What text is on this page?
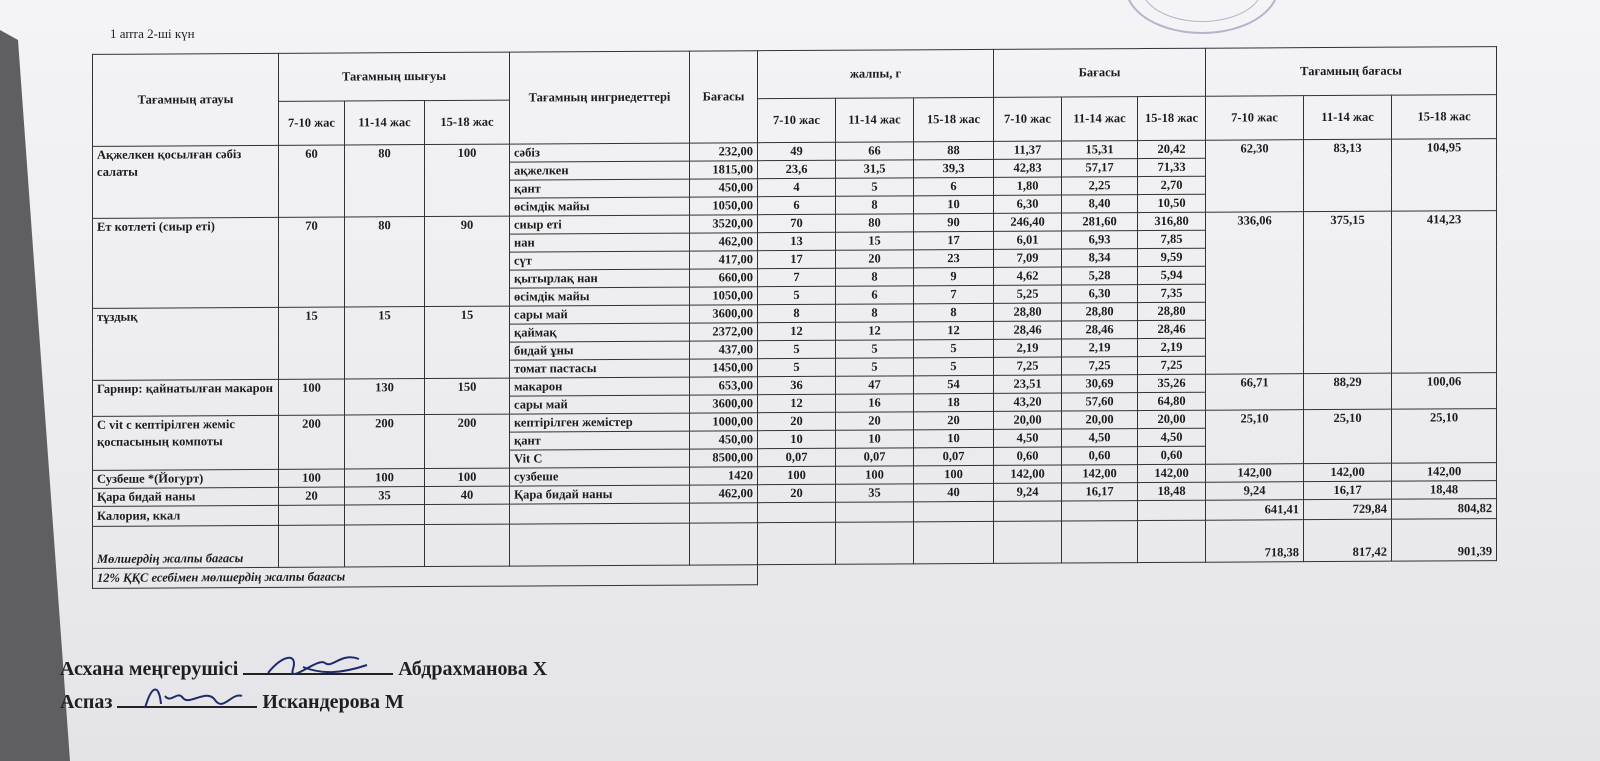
1 апта 2-ші күн
Тағамның атауы	Тағамның шығуы			Тағамның ингриедеттері	Бағасы	жалпы, г			Бағасы			Тағамның бағасы		
	7-10 жас	11-14 жас	15-18 жас			7-10 жас	11-14 жас	15-18 жас	7-10 жас	11-14 жас	15-18 жас	7-10 жас	11-14 жас	15-18 жас
Ақжелкен қосылған сәбіз салаты	60	80	100	сәбіз	232,00	49	66	88	11,37	15,31	20,42	62,30	83,13	104,95
				ақжелкен	1815,00	23,6	31,5	39,3	42,83	57,17	71,33			
				қант	450,00	4	5	6	1,80	2,25	2,70			
				өсімдік майы	1050,00	6	8	10	6,30	8,40	10,50			
Ет котлеті (сиыр еті)	70	80	90	сиыр еті	3520,00	70	80	90	246,40	281,60	316,80	336,06	375,15	414,23
				нан	462,00	13	15	17	6,01	6,93	7,85			
				сүт	417,00	17	20	23	7,09	8,34	9,59			
				қытырлақ нан	660,00	7	8	9	4,62	5,28	5,94			
				өсімдік майы	1050,00	5	6	7	5,25	6,30	7,35			
тұздық	15	15	15	сары май	3600,00	8	8	8	28,80	28,80	28,80			
				қаймақ	2372,00	12	12	12	28,46	28,46	28,46			
				бидай ұны	437,00	5	5	5	2,19	2,19	2,19			
				томат пастасы	1450,00	5	5	5	7,25	7,25	7,25			
Гарнир: қайнатылған макарон	100	130	150	макарон	653,00	36	47	54	23,51	30,69	35,26	66,71	88,29	100,06
				сары май	3600,00	12	16	18	43,20	57,60	64,80			
C vit с кептірілген жеміс қоспасының компоты	200	200	200	кептірілген жемістер	1000,00	20	20	20	20,00	20,00	20,00	25,10	25,10	25,10
				қант	450,00	10	10	10	4,50	4,50	4,50			
				Vit C	8500,00	0,07	0,07	0,07	0,60	0,60	0,60			
Сузбеше *(Йогурт)	100	100	100	сузбеше	1420	100	100	100	142,00	142,00	142,00	142,00	142,00	142,00
Қара бидай наны	20	35	40	Қара бидай наны	462,00	20	35	40	9,24	16,17	18,48	9,24	16,17	18,48
Калория, ккал												641,41	729,84	804,82
Мөлшердің жалпы бағасы												718,38	817,42	901,39
12% ҚҚС есебімен мөлшердің жалпы бағасы														
Асхана меңгерушісі	Абдрахманова Х
Аспаз	Искандерова М
